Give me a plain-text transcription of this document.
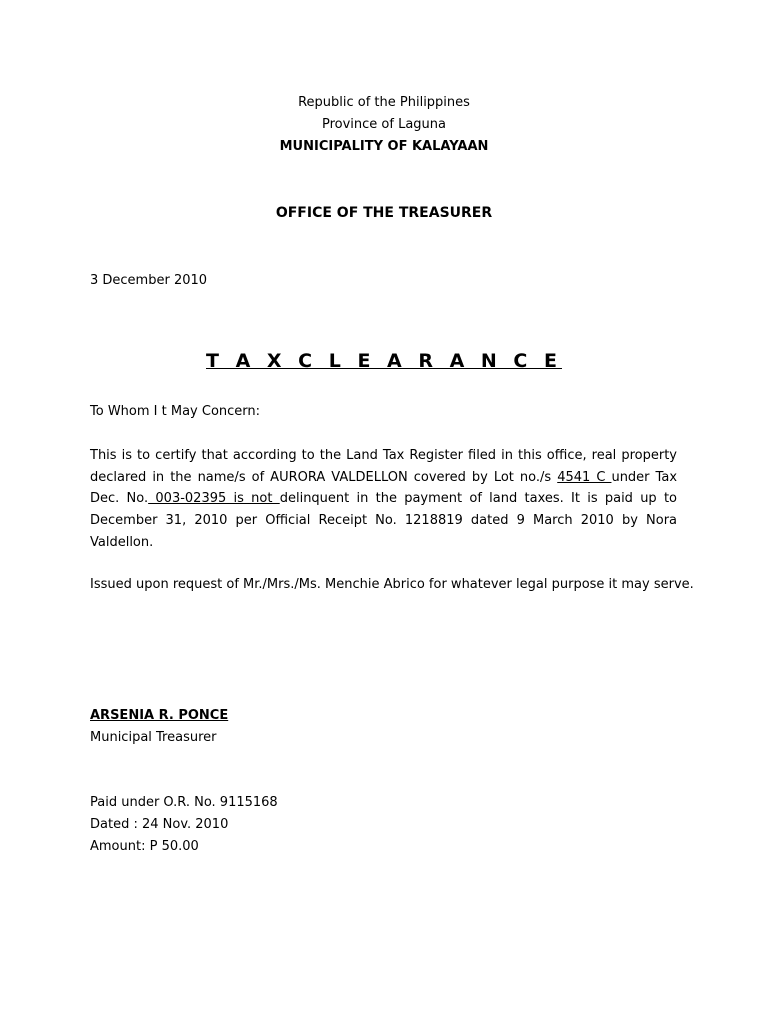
Republic of the Philippines
Province of Laguna
MUNICIPALITY OF KALAYAAN
OFFICE OF THE TREASURER
3 December 2010
T A X C L E A R A N C E
To Whom I t May Concern:
This is to certify that according to the Land Tax Register filed in this office, real property declared in the name/s of AURORA VALDELLON covered by Lot no./s 4541 C under Tax Dec. No. 003-02395 is not delinquent in the payment of land taxes. It is paid up to December 31, 2010 per Official Receipt No. 1218819 dated 9 March 2010 by Nora Valdellon.
Issued upon request of Mr./Mrs./Ms. Menchie Abrico for whatever legal purpose it may serve.
ARSENIA R. PONCE
Municipal Treasurer
Paid under O.R. No. 9115168
Dated : 24 Nov. 2010
Amount: P 50.00
